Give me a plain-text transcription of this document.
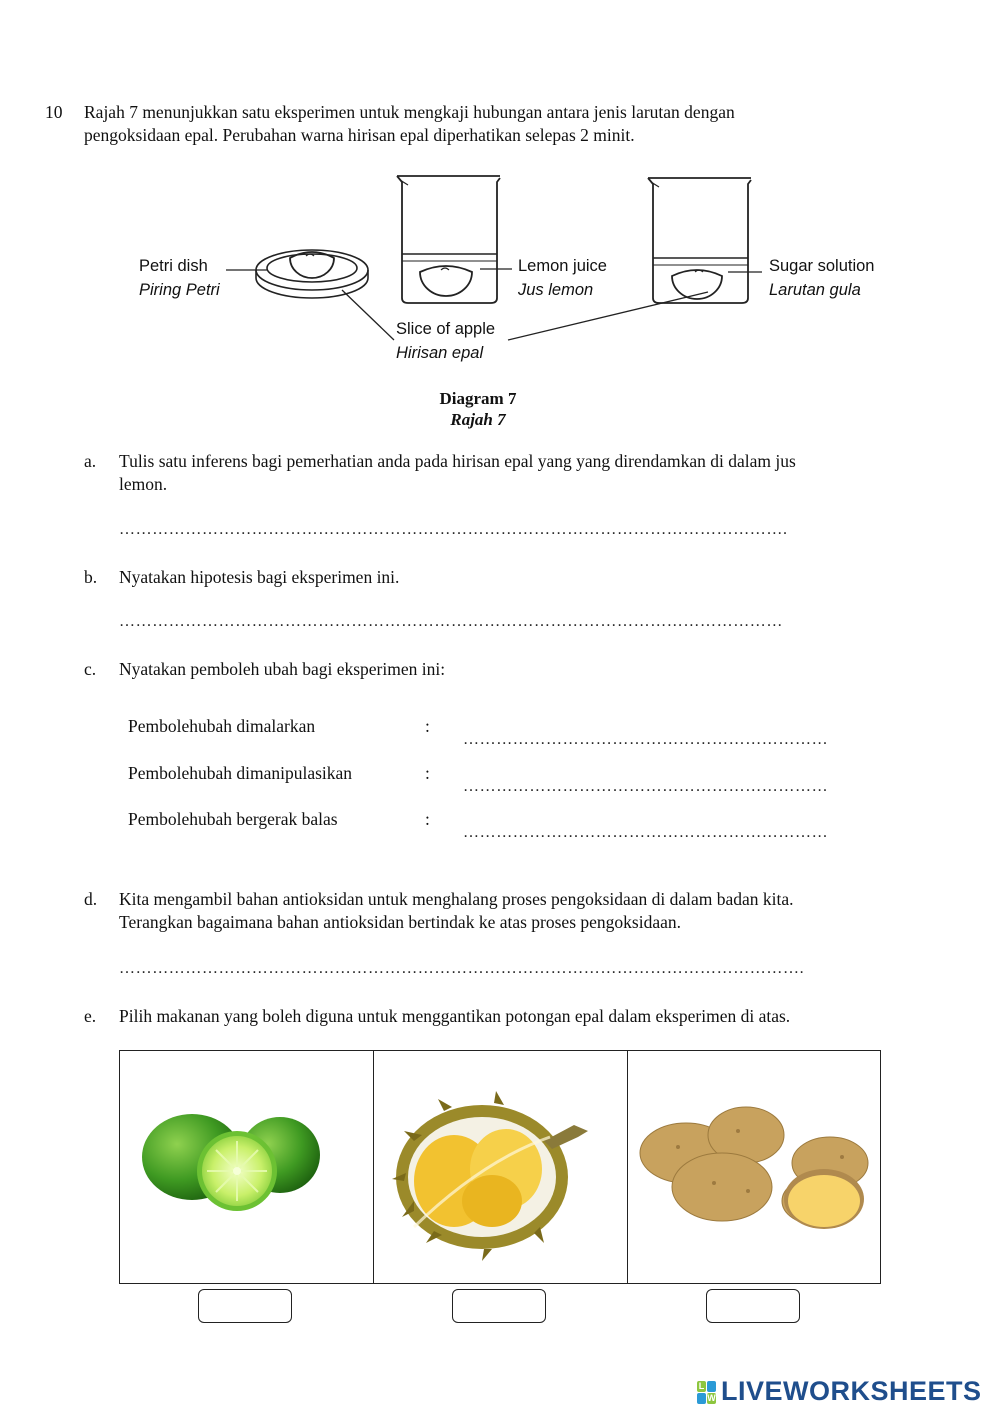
10 Rajah 7 menunjukkan satu eksperimen untuk mengkaji hubungan antara jenis larutan dengan
pengoksidaan epal. Perubahan warna hirisan epal diperhatikan selepas 2 minit.
Petri dish
Piring Petri
Lemon juice
Jus lemon
Sugar solution
Larutan gula
Slice of apple
Hirisan epal
Diagram 7
Rajah 7
a. Tulis satu inferens bagi pemerhatian anda pada hirisan epal yang yang direndamkan di dalam jus
lemon.
………………………………………………………………………………………………………….
b. Nyatakan hipotesis bagi eksperimen ini.
…………………………………………………………………………………………………………
c. Nyatakan pemboleh ubah bagi eksperimen ini:
Pembolehubah dimalarkan	:
…………………………………………………………
Pembolehubah dimanipulasikan	:
…………………………………………………………
Pembolehubah bergerak balas	:
…………………………………………………………
d. Kita mengambil bahan antioksidan untuk menghalang proses pengoksidaan di dalam badan kita.
Terangkan bagaimana bahan antioksidan bertindak ke atas proses pengoksidaan.
…………………………………………………………………………………………………………….
e. Pilih makanan yang boleh diguna untuk menggantikan potongan epal dalam eksperimen di atas.
L
W LIVEWORKSHEETS
